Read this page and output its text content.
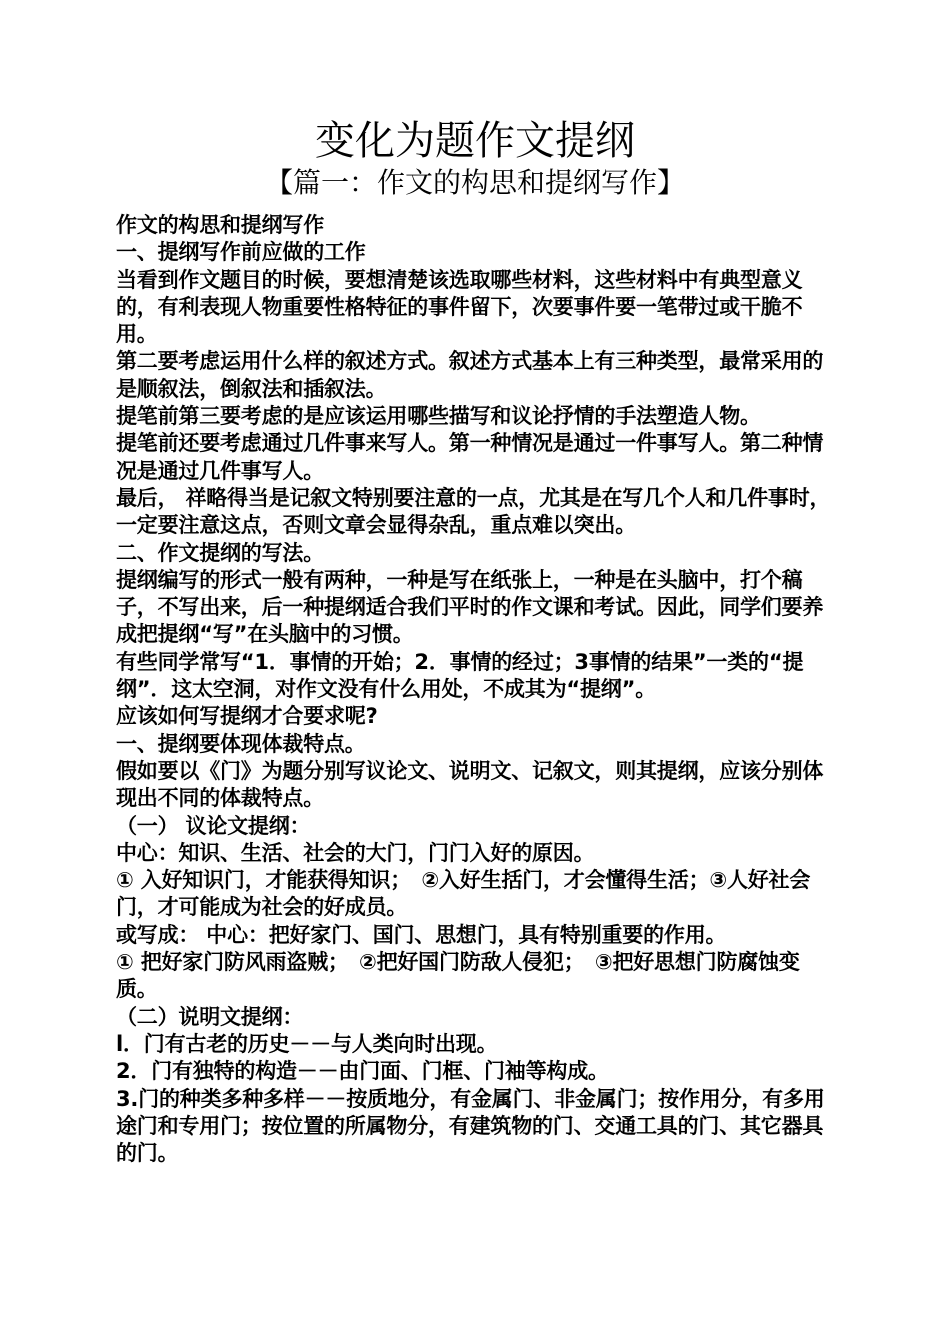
变化为题作文提纲
【篇一：作文的构思和提纲写作】

作文的构思和提纲写作

一、提纲写作前应做的工作

当看到作文题目的时候，要想清楚该选取哪些材料，这些材料中有典型意义的，有利表现人物重要性格特征的事件留下，次要事件要一笔带过或干脆不用。

第二要考虑运用什么样的叙述方式。叙述方式基本上有三种类型，最常采用的是顺叙法，倒叙法和插叙法。

提笔前第三要考虑的是应该运用哪些描写和议论抒情的手法塑造人物。

提笔前还要考虑通过几件事来写人。第一种情况是通过一件事写人。第二种情况是通过几件事写人。

最后， 祥略得当是记叙文特别要注意的一点，尤其是在写几个人和几件事时，一定要注意这点，否则文章会显得杂乱，重点难以突出。

二、作文提纲的写法。

提纲编写的形式一般有两种，一种是写在纸张上，一种是在头脑中，打个稿子，不写出来，后一种提纲适合我们平时的作文课和考试。因此，同学们要养成把提纲“写”在头脑中的习惯。

有些同学常写“1．事情的开始；2．事情的经过；3事情的结果”一类的“提纲”．这太空洞，对作文没有什么用处，不成其为“提纲”。

应该如何写提纲才合要求呢?

一、提纲要体现体裁特点。

假如要以《门》为题分别写议论文、说明文、记叙文，则其提纲，应该分别体现出不同的体裁特点。

（一） 议论文提纲：

中心：知识、生活、社会的大门，门门入好的原因。

① 入好知识门，才能获得知识；　②入好生括门，才会懂得生活；③人好社会门，才可能成为社会的好成员。

或写成： 中心：把好家门、国门、思想门，具有特别重要的作用。

① 把好家门防风雨盗贼；　②把好国门防敌人侵犯；　③把好思想门防腐蚀变质。

（二）说明文提纲：

l．门有古老的历史－－与人类向时出现。

2．门有独特的构造－－由门面、门框、门袖等构成。

3.门的种类多种多样－－按质地分，有金属门、非金属门；按作用分，有多用途门和专用门；按位置的所属物分，有建筑物的门、交通工具的门、其它器具的门。
